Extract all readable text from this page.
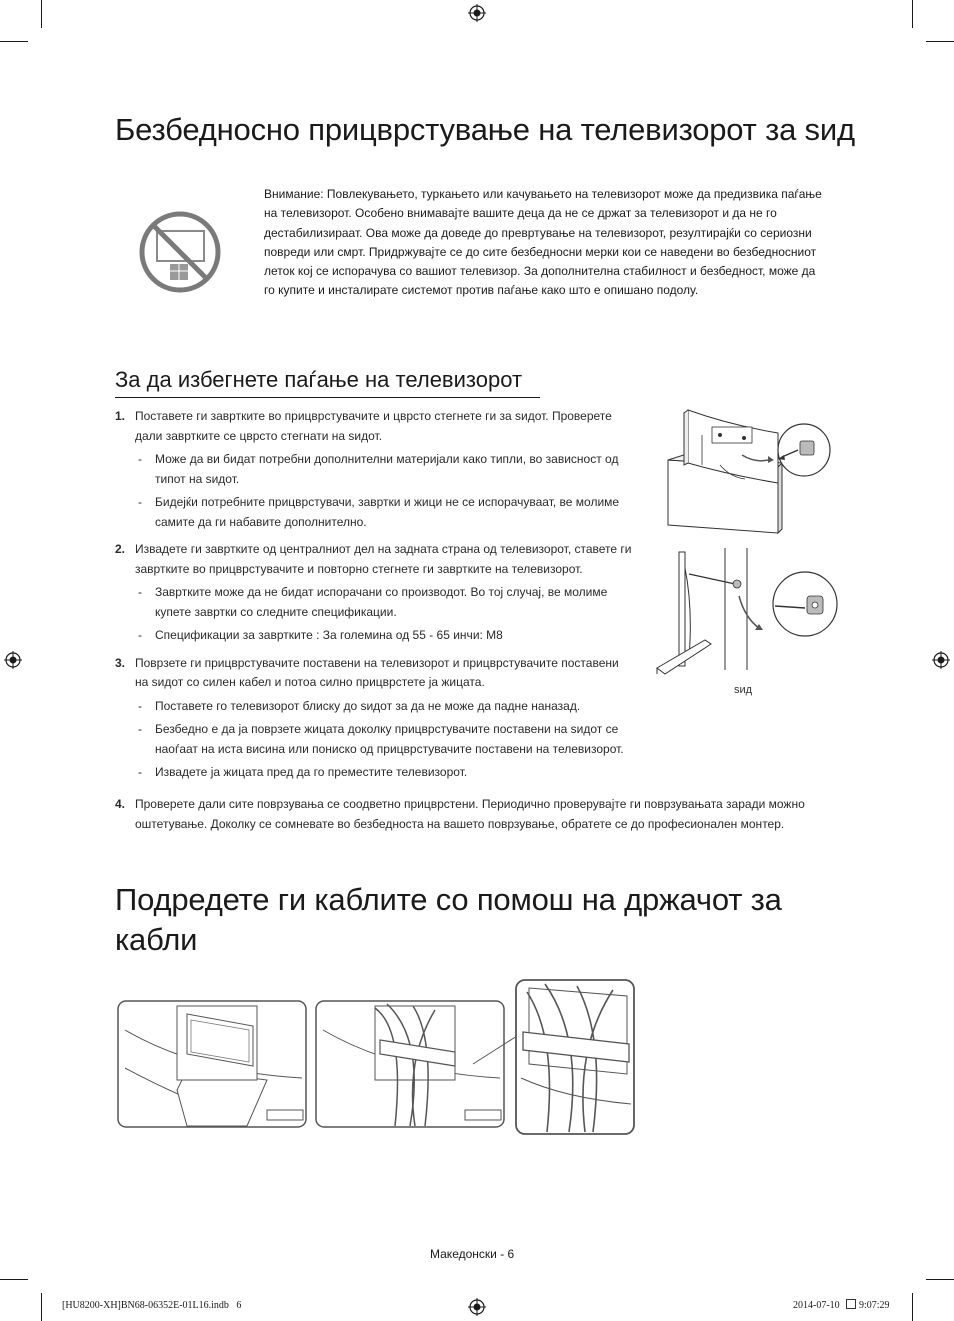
Безбедносно прицврстување на телевизорот за ѕид
Внимание: Повлекувањето, туркањето или качувањето на телевизорот може да предизвика паѓање на телевизорот. Особено внимавајте вашите деца да не се држат за телевизорот и да не го дестабилизираат. Ова може да доведе до превртување на телевизорот, резултирајќи со сериозни повреди или смрт. Придржувајте се до сите безбедносни мерки кои се наведени во безбедносниот леток кој се испорачува со вашиот телевизор. За дополнителна стабилност и безбедност, може да го купите и инсталирате системот против паѓање како што е опишано подолу.
За да избегнете паѓање на телевизорот
1. Поставете ги завртките во прицврстувачите и цврсто стегнете ги за ѕидот. Проверете дали завртките се цврсто стегнати на ѕидот.
- Може да ви бидат потребни дополнителни материјали како типли, во зависност од типот на ѕидот.
- Бидејќи потребните прицврстувачи, завртки и жици не се испорачуваат, ве молиме самите да ги набавите дополнително.
2. Извадете ги завртките од централниот дел на задната страна од телевизорот, ставете ги завртките во прицврстувачите и повторно стегнете ги завртките на телевизорот.
- Завртките може да не бидат испорачани со производот. Во тој случај, ве молиме купете завртки со следните спецификации.
- Спецификации за завртките : За големина од 55 - 65 инчи: M8
3. Поврзете ги прицврстувачите поставени на телевизорот и прицврстувачите поставени на ѕидот со силен кабел и потоа силно прицврстете ја жицата.
- Поставете го телевизорот блиску до ѕидот за да не може да падне наназад.
- Безбедно е да ја поврзете жицата доколку прицврстувачите поставени на ѕидот се наоѓаат на иста висина или пониско од прицврстувачите поставени на телевизорот.
- Извадете ја жицата пред да го преместите телевизорот.
4. Проверете дали сите поврзувања се соодветно прицврстени. Периодично проверувајте ги поврзувањата заради можно оштетување. Доколку се сомневате во безбедноста на вашето поврзување, обратете се до професионален монтер.
ѕид
Подредете ги каблите со помош на држачот за кабли
Македонски - 6
[HU8200-XH]BN68-06352E-01L16.indb   6	2014-07-10 9:07:29
